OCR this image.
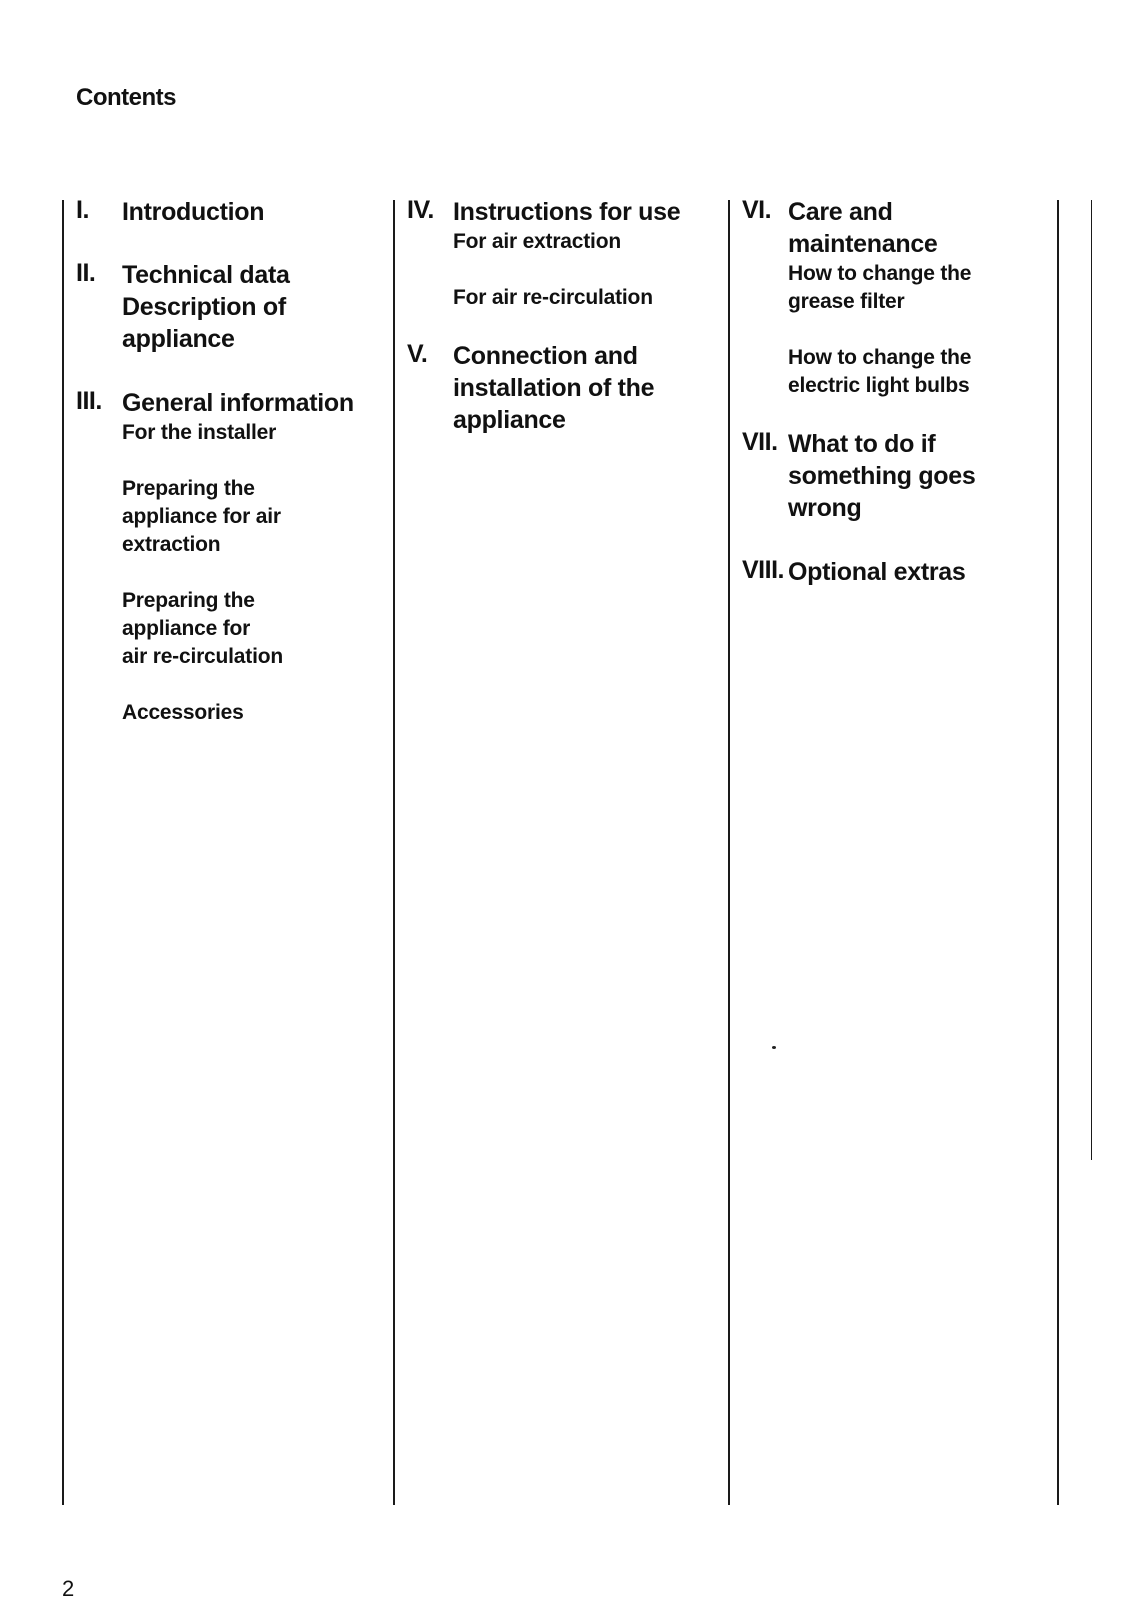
Contents
I. Introduction
II. Technical data
Description of
appliance
III. General information
For the installer
Preparing the
appliance for air
extraction
Preparing the
appliance for
air re-circulation
Accessories
IV. Instructions for use
For air extraction
For air re-circulation
V. Connection and
installation of the
appliance
VI. Care and
maintenance
How to change the
grease filter
How to change the
electric light bulbs
VII. What to do if
something goes
wrong
VIII. Optional extras
2
